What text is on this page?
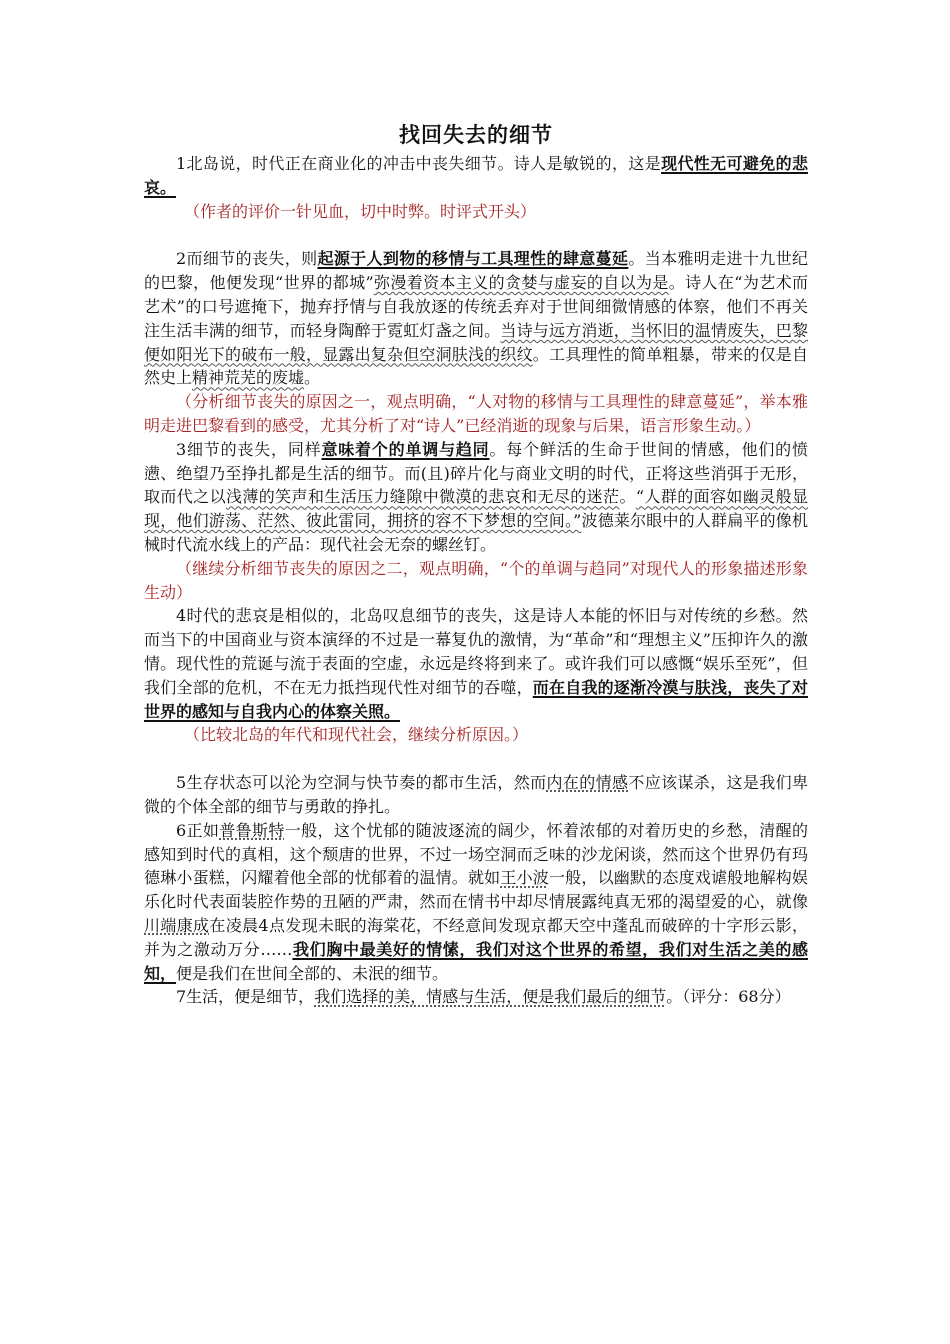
找回失去的细节

1北岛说，时代正在商业化的冲击中丧失细节。诗人是敏锐的，这是现代性无可避免的悲哀。

（作者的评价一针见血，切中时弊。时评式开头）

2而细节的丧失，则起源于人到物的移情与工具理性的肆意蔓延。当本雅明走进十九世纪的巴黎，他便发现“世界的都城”弥漫着资本主义的贪婪与虚妄的自以为是。诗人在“为艺术而艺术”的口号遮掩下，抛弃抒情与自我放逐的传统丢弃对于世间细微情感的体察，他们不再关注生活丰满的细节，而轻身陶醉于霓虹灯盏之间。当诗与远方消逝，当怀旧的温情废失，巴黎便如阳光下的破布一般，显露出复杂但空洞肤浅的织纹。工具理性的简单粗暴，带来的仅是自然史上精神荒芜的废墟。

（分析细节丧失的原因之一，观点明确，“人对物的移情与工具理性的肆意蔓延”，举本雅明走进巴黎看到的感受，尤其分析了对“诗人”已经消逝的现象与后果，语言形象生动。）

3细节的丧失，同样意味着个的单调与趋同。每个鲜活的生命于世间的情感，他们的愤懑、绝望乃至挣扎都是生活的细节。而(且)碎片化与商业文明的时代，正将这些消弭于无形，取而代之以浅薄的笑声和生活压力缝隙中微漠的悲哀和无尽的迷茫。“人群的面容如幽灵般显现，他们游荡、茫然、彼此雷同，拥挤的容不下梦想的空间。”波德莱尔眼中的人群扁平的像机械时代流水线上的产品：现代社会无奈的螺丝钉。

（继续分析细节丧失的原因之二，观点明确，“个的单调与趋同”对现代人的形象描述形象生动）

4时代的悲哀是相似的，北岛叹息细节的丧失，这是诗人本能的怀旧与对传统的乡愁。然而当下的中国商业与资本演绎的不过是一幕复仇的激情，为“革命”和“理想主义”压抑许久的激情。现代性的荒诞与流于表面的空虚，永远是终将到来了。或许我们可以感慨“娱乐至死”，但我们全部的危机，不在无力抵挡现代性对细节的吞噬，而在自我的逐渐冷漠与肤浅，丧失了对世界的感知与自我内心的体察关照。

（比较北岛的年代和现代社会，继续分析原因。）

5生存状态可以沦为空洞与快节奏的都市生活，然而内在的情感不应该谋杀，这是我们卑微的个体全部的细节与勇敢的挣扎。

6正如普鲁斯特一般，这个忧郁的随波逐流的阔少，怀着浓郁的对着历史的乡愁，清醒的感知到时代的真相，这个颓唐的世界，不过一场空洞而乏味的沙龙闲谈，然而这个世界仍有玛德琳小蛋糕，闪耀着他全部的忧郁着的温情。就如王小波一般，以幽默的态度戏谑般地解构娱乐化时代表面装腔作势的丑陋的严肃，然而在情书中却尽情展露纯真无邪的渴望爱的心，就像川端康成在凌晨4点发现未眠的海棠花，不经意间发现京都天空中蓬乱而破碎的十字形云影，并为之激动万分……我们胸中最美好的情愫，我们对这个世界的希望，我们对生活之美的感知，便是我们在世间全部的、未泯的细节。

7生活，便是细节，我们选择的美，情感与生活，便是我们最后的细节。（评分：68分）
